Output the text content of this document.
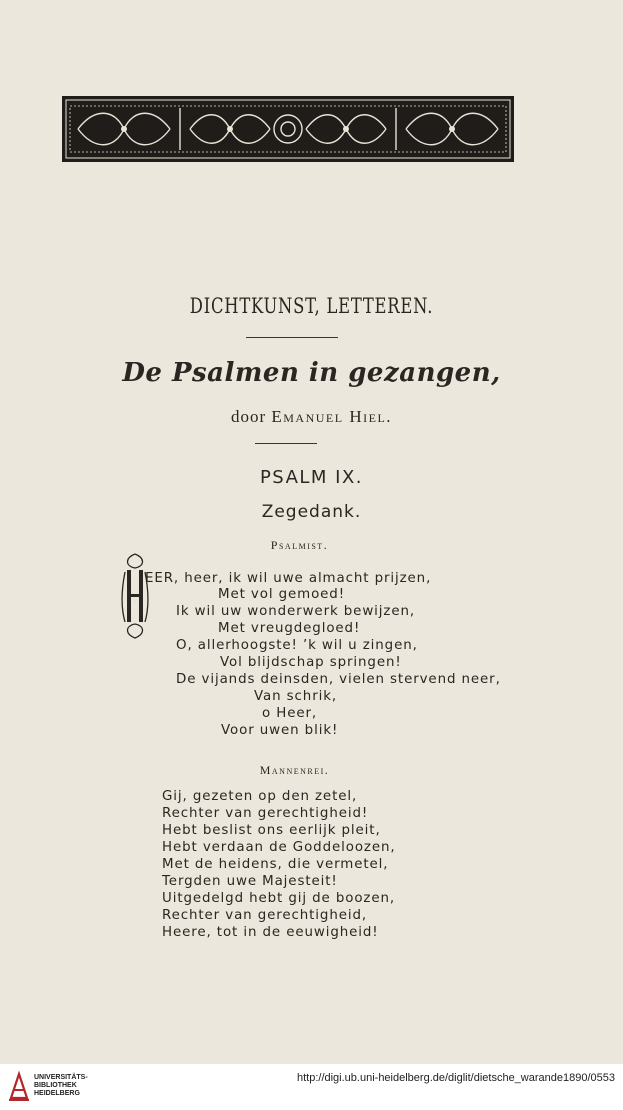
DICHTKUNST, LETTEREN.
De Psalmen in gezangen,
door Emanuel Hiel.
PSALM IX.
Zegedank.
Psalmist.
H
EER, heer, ik wil uwe almacht prijzen,
Met vol gemoed!
Ik wil uw wonderwerk bewijzen,
Met vreugdegloed!
O, allerhoogste! ’k wil u zingen,
Vol blijdschap springen!
De vijands deinsden, vielen stervend neer,
Van schrik,
o Heer,
Voor uwen blik!
Mannenrei.
Gij, gezeten op den zetel,
Rechter van gerechtigheid!
Hebt beslist ons eerlijk pleit,
Hebt verdaan de Goddeloozen,
Met de heidens, die vermetel,
Tergden uwe Majesteit!
Uitgedelgd hebt gij de boozen,
Rechter van gerechtigheid,
Heere, tot in de eeuwigheid!
UNIVERSITÄTS-
BIBLIOTHEK
HEIDELBERG
http://digi.ub.uni-heidelberg.de/diglit/dietsche_warande1890/0553
